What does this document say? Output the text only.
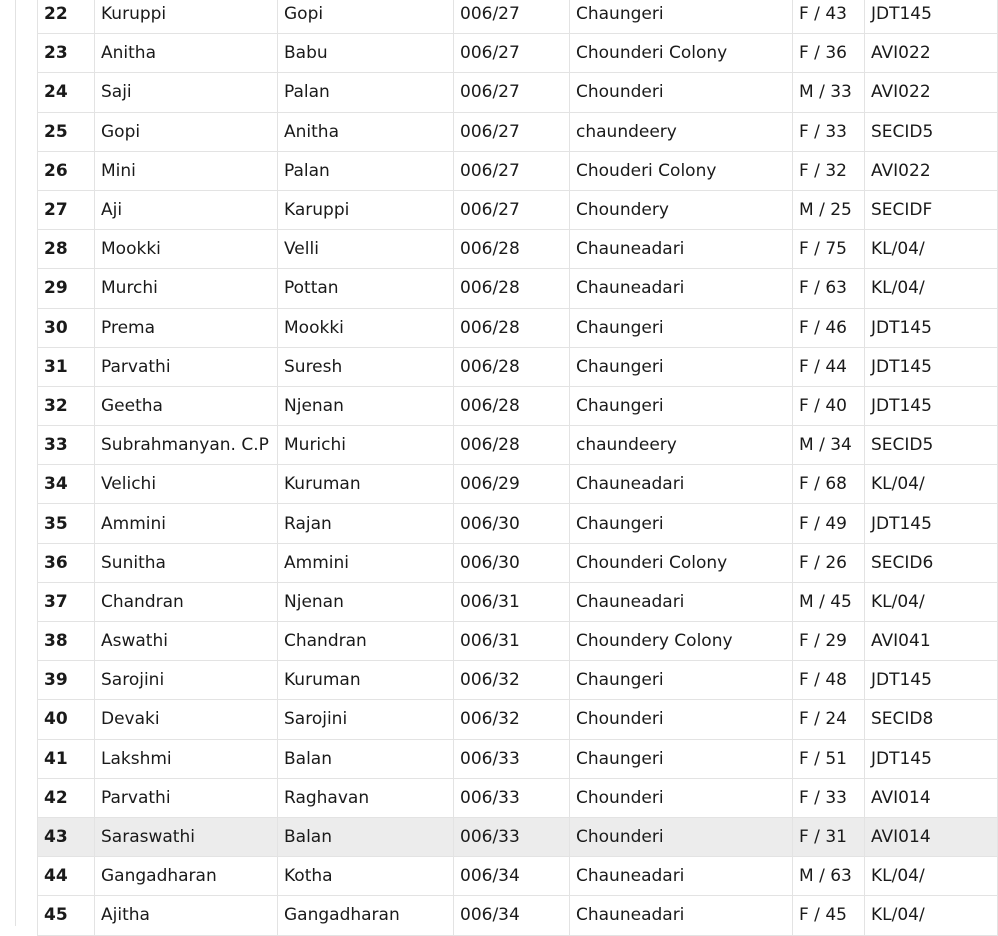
22	Kuruppi	Gopi	006/27	Chaungeri	F / 43	JDT145
23	Anitha	Babu	006/27	Chounderi Colony	F / 36	AVI022
24	Saji	Palan	006/27	Chounderi	M / 33	AVI022
25	Gopi	Anitha	006/27	chaundeery	F / 33	SECID5
26	Mini	Palan	006/27	Chouderi Colony	F / 32	AVI022
27	Aji	Karuppi	006/27	Choundery	M / 25	SECIDF
28	Mookki	Velli	006/28	Chauneadari	F / 75	KL/04/
29	Murchi	Pottan	006/28	Chauneadari	F / 63	KL/04/
30	Prema	Mookki	006/28	Chaungeri	F / 46	JDT145
31	Parvathi	Suresh	006/28	Chaungeri	F / 44	JDT145
32	Geetha	Njenan	006/28	Chaungeri	F / 40	JDT145
33	Subrahmanyan. C.P	Murichi	006/28	chaundeery	M / 34	SECID5
34	Velichi	Kuruman	006/29	Chauneadari	F / 68	KL/04/
35	Ammini	Rajan	006/30	Chaungeri	F / 49	JDT145
36	Sunitha	Ammini	006/30	Chounderi Colony	F / 26	SECID6
37	Chandran	Njenan	006/31	Chauneadari	M / 45	KL/04/
38	Aswathi	Chandran	006/31	Choundery Colony	F / 29	AVI041
39	Sarojini	Kuruman	006/32	Chaungeri	F / 48	JDT145
40	Devaki	Sarojini	006/32	Chounderi	F / 24	SECID8
41	Lakshmi	Balan	006/33	Chaungeri	F / 51	JDT145
42	Parvathi	Raghavan	006/33	Chounderi	F / 33	AVI014
43	Saraswathi	Balan	006/33	Chounderi	F / 31	AVI014
44	Gangadharan	Kotha	006/34	Chauneadari	M / 63	KL/04/
45	Ajitha	Gangadharan	006/34	Chauneadari	F / 45	KL/04/
